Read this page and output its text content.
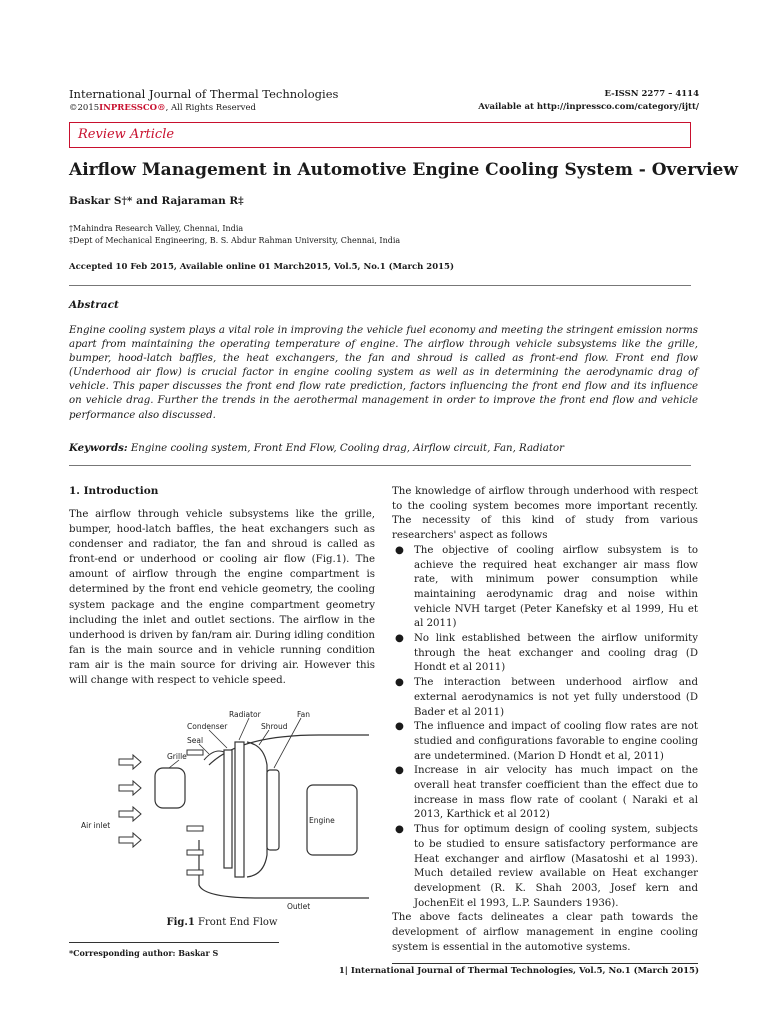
International Journal of Thermal Technologies
©2015INPRESSCO®, All Rights Reserved
E-ISSN 2277 – 4114
Available at http://inpressco.com/category/ijtt/
Review Article
Airflow Management in Automotive Engine Cooling System - Overview
Baskar S†* and Rajaraman R‡
†Mahindra Research Valley, Chennai, India
‡Dept of Mechanical Engineering, B. S. Abdur Rahman University, Chennai, India
Accepted 10 Feb 2015, Available online 01 March2015, Vol.5, No.1 (March 2015)
Abstract
Engine cooling system plays a vital role in improving the vehicle fuel economy and meeting the stringent emission norms apart from maintaining the operating temperature of engine. The airflow through vehicle subsystems like the grille, bumper, hood-latch baffles, the heat exchangers, the fan and shroud is called as front-end flow. Front end flow (Underhood air flow) is crucial factor in engine cooling system as well as in determining the aerodynamic drag of vehicle. This paper discusses the front end flow rate prediction, factors influencing the front end flow and its influence on vehicle drag. Further the trends in the aerothermal management in order to improve the front end flow and vehicle performance also discussed.
Keywords: Engine cooling system, Front End Flow, Cooling drag, Airflow circuit, Fan, Radiator
1. Introduction
The airflow through vehicle subsystems like the grille, bumper, hood-latch baffles, the heat exchangers such as condenser and radiator, the fan and shroud is called as front-end or underhood or cooling air flow (Fig.1). The amount of airflow through the engine compartment is determined by the front end vehicle geometry, the cooling system package and the engine compartment geometry including the inlet and outlet sections. The airflow in the underhood is driven by fan/ram air. During idling condition fan is the main source and in vehicle running condition ram air is the main source for driving air. However this will change with respect to vehicle speed.
Radiator	Fan
Condenser	Shroud
Seal
Grille
Air inlet
Engine
Outlet
Fig.1 Front End Flow
*Corresponding author: Baskar S
The knowledge of airflow through underhood with respect to the cooling system becomes more important recently. The necessity of this kind of study from various researchers' aspect as follows
● The objective of cooling airflow subsystem is to achieve the required heat exchanger air mass flow rate, with minimum power consumption while maintaining aerodynamic drag and noise within vehicle NVH target (Peter Kanefsky et al 1999, Hu et al 2011)
● No link established between the airflow uniformity through the heat exchanger and cooling drag (D Hondt et al 2011)
● The interaction between underhood airflow and external aerodynamics is not yet fully understood (D Bader et al 2011)
● The influence and impact of cooling flow rates are not studied and configurations favorable to engine cooling are undetermined. (Marion D Hondt et al, 2011)
● Increase in air velocity has much impact on the overall heat transfer coefficient than the effect due to increase in mass flow rate of coolant ( Naraki et al 2013, Karthick et al 2012)
● Thus for optimum design of cooling system, subjects to be studied to ensure satisfactory performance are Heat exchanger and airflow (Masatoshi et al 1993). Much detailed review available on Heat exchanger development (R. K. Shah 2003, Josef kern and JochenEit el 1993, L.P. Saunders 1936).
The above facts delineates a clear path towards the development of airflow management in engine cooling system is essential in the automotive systems.
1| International Journal of Thermal Technologies, Vol.5, No.1 (March 2015)
